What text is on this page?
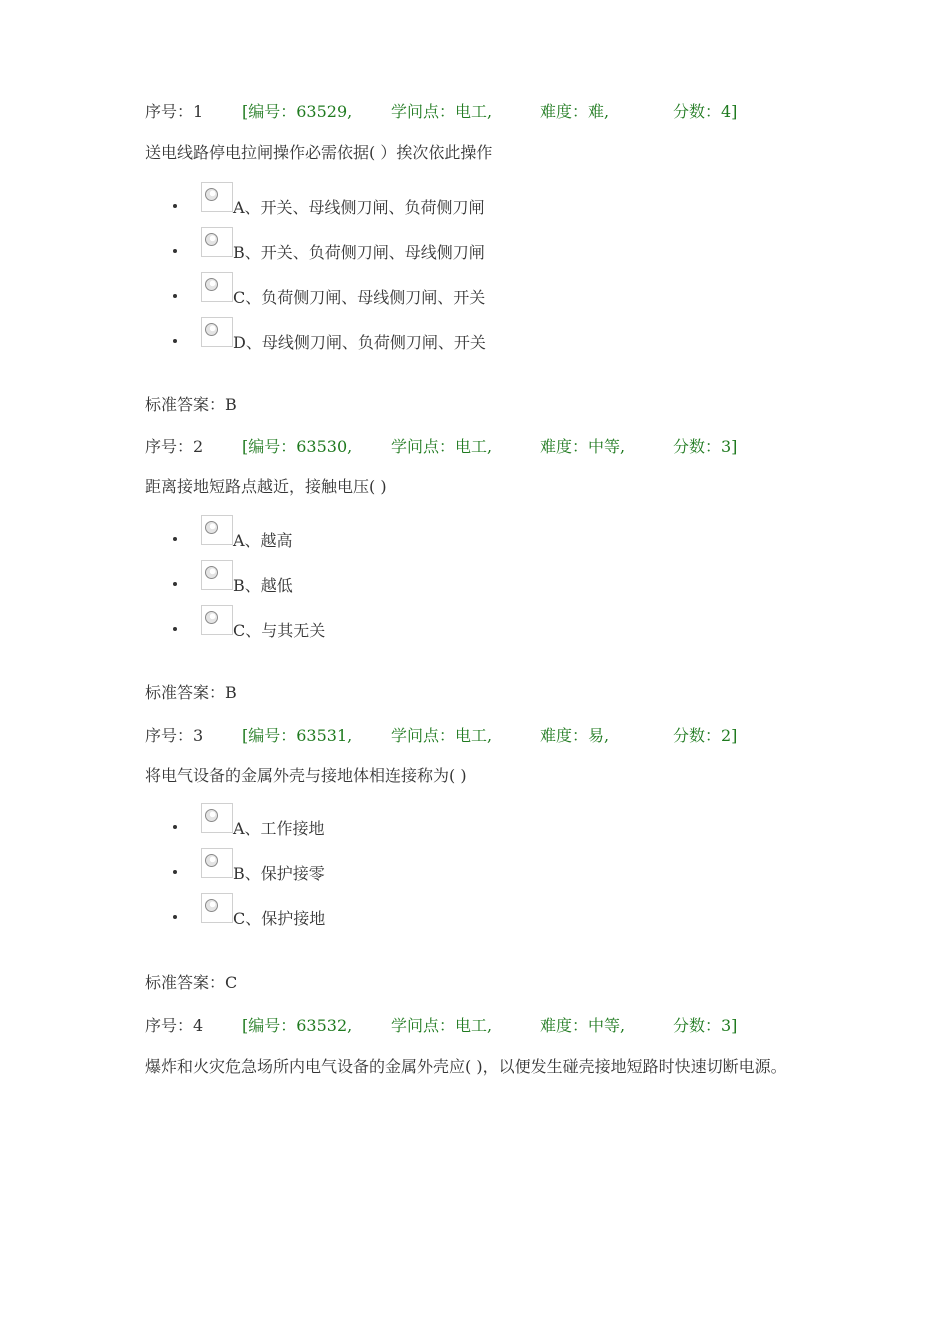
序号：1 [编号：63529, 学问点：电工,	难度：难,	分数：4]
送电线路停电拉闸操作必需依据( ）挨次依此操作
A、开关、母线侧刀闸、负荷侧刀闸
B、开关、负荷侧刀闸、母线侧刀闸
C、负荷侧刀闸、母线侧刀闸、开关
D、母线侧刀闸、负荷侧刀闸、开关
标准答案：B
序号：2 [编号：63530, 学问点：电工,	难度：中等,	分数：3]
距离接地短路点越近，接触电压( )
A、越高
B、越低
C、与其无关
标准答案：B
序号：3 [编号：63531, 学问点：电工,	难度：易,	分数：2]
将电气设备的金属外壳与接地体相连接称为( )
A、工作接地
B、保护接零
C、保护接地
标准答案：C
序号：4 [编号：63532, 学问点：电工,	难度：中等,	分数：3]
爆炸和火灾危急场所内电气设备的金属外壳应( )，以便发生碰壳接地短路时快速切断电源。
